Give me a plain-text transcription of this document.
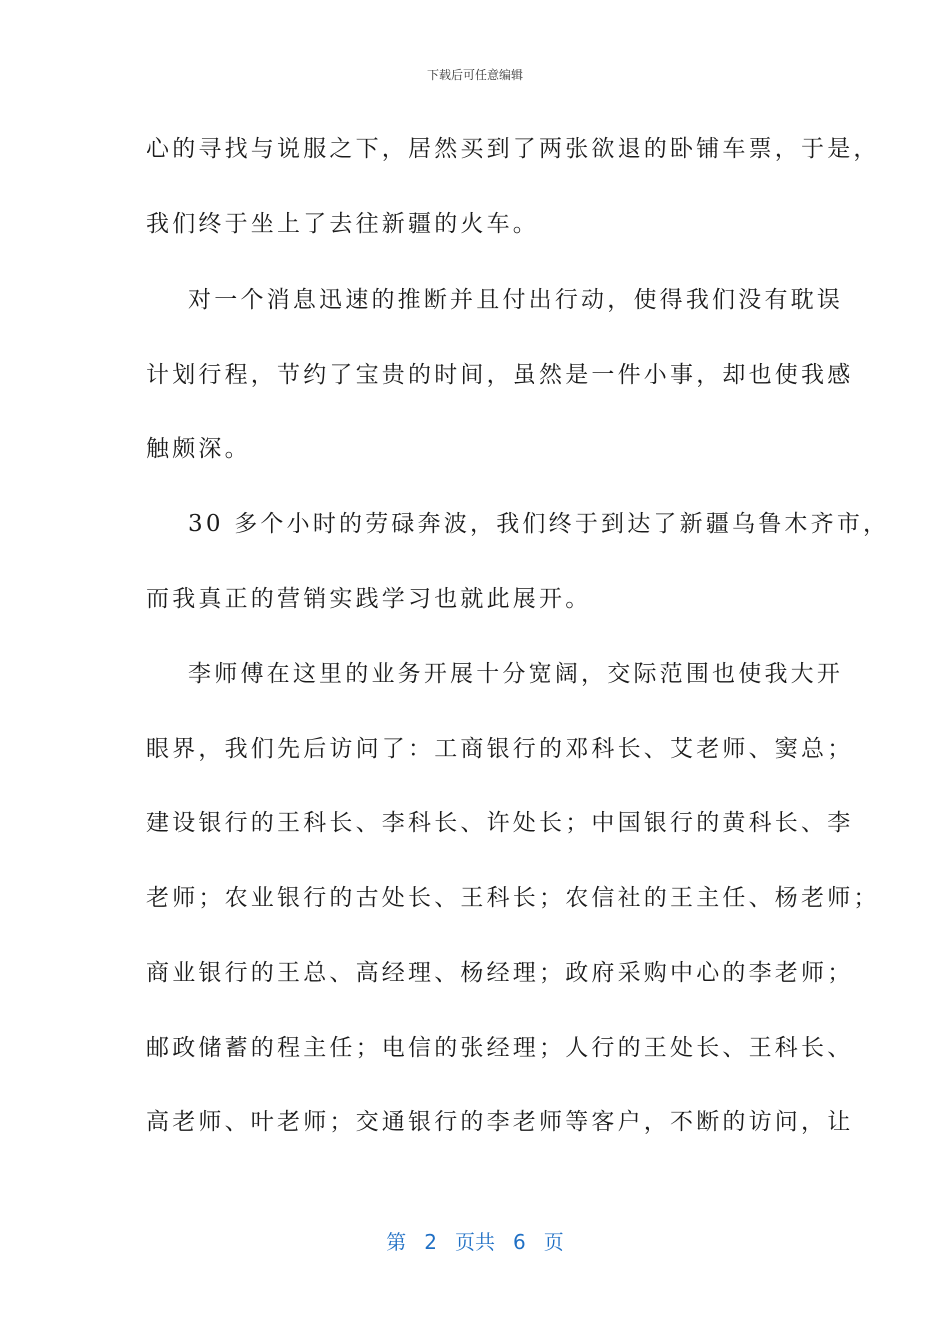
下载后可任意编辑
心的寻找与说服之下，居然买到了两张欲退的卧铺车票，于是，
我们终于坐上了去往新疆的火车。
对一个消息迅速的推断并且付出行动，使得我们没有耽误
计划行程，节约了宝贵的时间，虽然是一件小事，却也使我感
触颇深。
30 多个小时的劳碌奔波，我们终于到达了新疆乌鲁木齐市，
而我真正的营销实践学习也就此展开。
李师傅在这里的业务开展十分宽阔，交际范围也使我大开
眼界，我们先后访问了：工商银行的邓科长、艾老师、窦总；
建设银行的王科长、李科长、许处长；中国银行的黄科长、李
老师；农业银行的古处长、王科长；农信社的王主任、杨老师；
商业银行的王总、高经理、杨经理；政府采购中心的李老师；
邮政储蓄的程主任；电信的张经理；人行的王处长、王科长、
高老师、叶老师；交通银行的李老师等客户，不断的访问，让
第 2 页共 6 页
